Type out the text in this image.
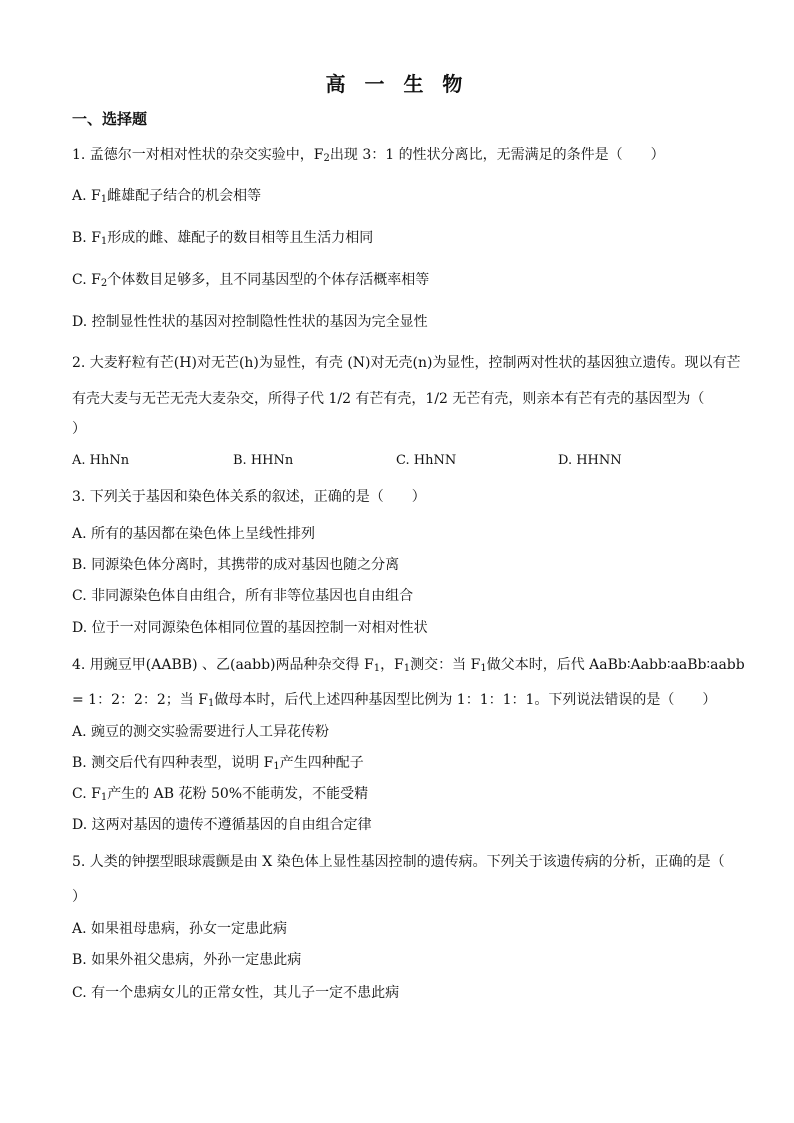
高 一 生 物
一、选择题
1. 孟德尔一对相对性状的杂交实验中，$F_2$出现 3：1 的性状分离比，无需满足的条件是（　　）
A. $F_1$雌雄配子结合的机会相等
B. $F_1$形成的雌、雄配子的数目相等且生活力相同
C. $F_2$个体数目足够多，且不同基因型的个体存活概率相等
D. 控制显性性状的基因对控制隐性性状的基因为完全显性
2. 大麦籽粒有芒(H)对无芒(h)为显性，有壳 (N)对无壳(n)为显性，控制两对性状的基因独立遗传。现以有芒
有壳大麦与无芒无壳大麦杂交，所得子代 1/2 有芒有壳，1/2 无芒有壳，则亲本有芒有壳的基因型为（
）
A. HhNn	B. HHNn	C. HhNN	D. HHNN
3. 下列关于基因和染色体关系的叙述，正确的是（　　）
A. 所有的基因都在染色体上呈线性排列
B. 同源染色体分离时，其携带的成对基因也随之分离
C. 非同源染色体自由组合，所有非等位基因也自由组合
D. 位于一对同源染色体相同位置的基因控制一对相对性状
4. 用豌豆甲(AABB) 、乙(aabb)两品种杂交得 $F_1$，$F_1$测交：当 $F_1$做父本时，后代 AaBb∶Aabb∶aaBb∶aabb
= 1：2：2：2；当 $F_1$做母本时，后代上述四种基因型比例为 1：1：1：1。下列说法错误的是（　　）
A. 豌豆的测交实验需要进行人工异花传粉
B. 测交后代有四种表型，说明 $F_1$产生四种配子
C. $F_1$产生的 AB 花粉 50%不能萌发，不能受精
D. 这两对基因的遗传不遵循基因的自由组合定律
5. 人类的钟摆型眼球震颤是由 X 染色体上显性基因控制的遗传病。下列关于该遗传病的分析，正确的是（
）
A. 如果祖母患病，孙女一定患此病
B. 如果外祖父患病，外孙一定患此病
C. 有一个患病女儿的正常女性，其儿子一定不患此病
